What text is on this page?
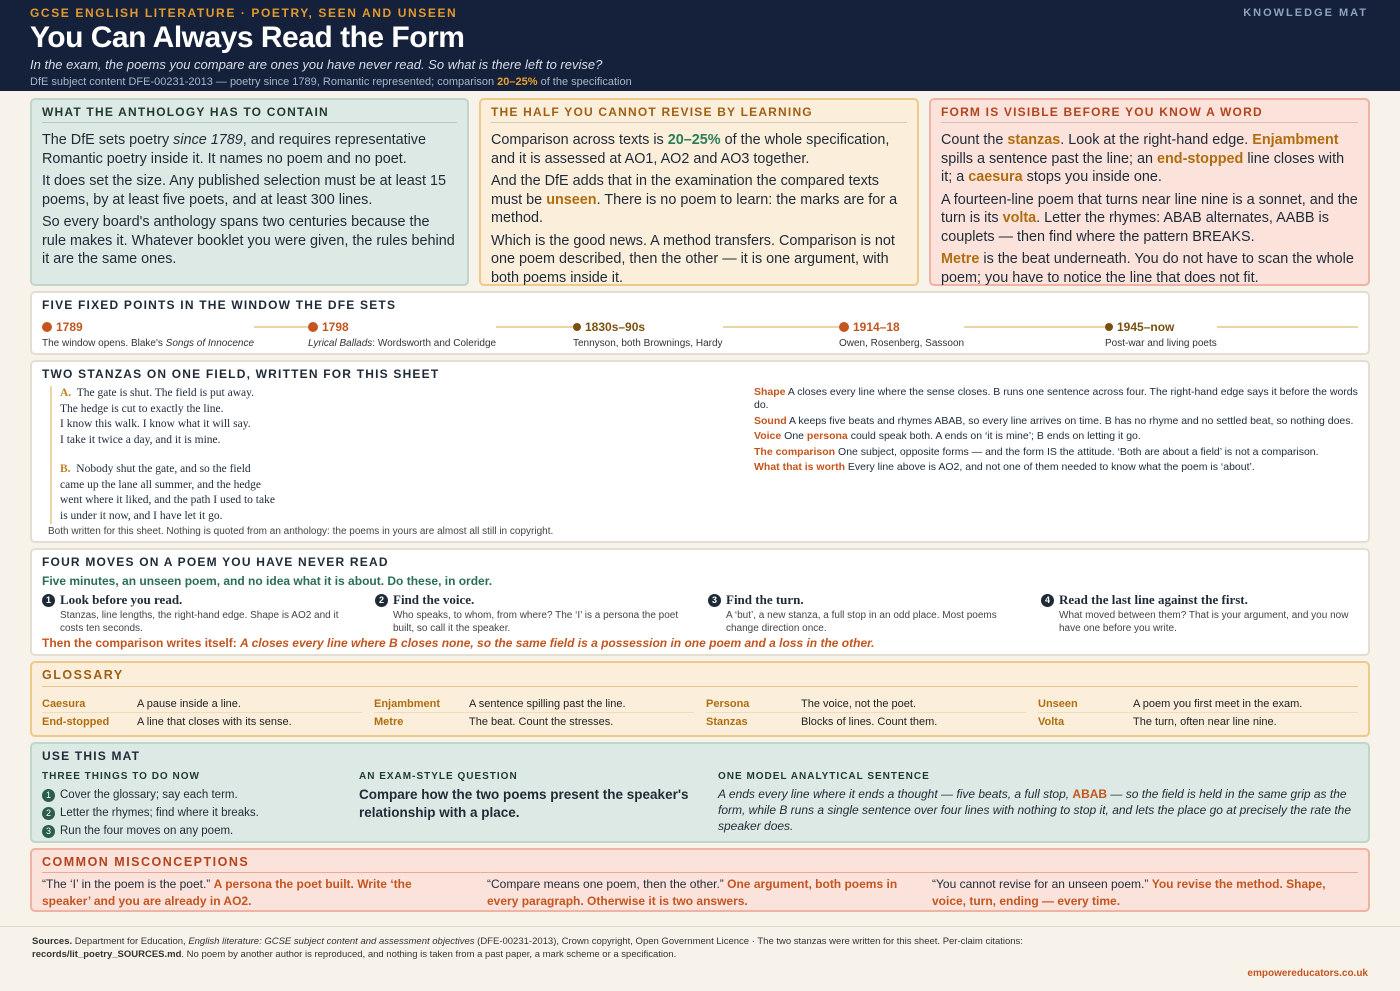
GCSE ENGLISH LITERATURE · POETRY, SEEN AND UNSEEN	KNOWLEDGE MAT
You Can Always Read the Form
In the exam, the poems you compare are ones you have never read. So what is there left to revise?
DfE subject content DFE-00231-2013 — poetry since 1789, Romantic represented; comparison 20–25% of the specification
WHAT THE ANTHOLOGY HAS TO CONTAIN

The DfE sets poetry since 1789, and requires representative Romantic poetry inside it. It names no poem and no poet.

It does set the size. Any published selection must be at least 15 poems, by at least five poets, and at least 300 lines.

So every board's anthology spans two centuries because the rule makes it. Whatever booklet you were given, the rules behind it are the same ones.

THE HALF YOU CANNOT REVISE BY LEARNING

Comparison across texts is 20–25% of the whole specification, and it is assessed at AO1, AO2 and AO3 together.

And the DfE adds that in the examination the compared texts must be unseen. There is no poem to learn: the marks are for a method.

Which is the good news. A method transfers. Comparison is not one poem described, then the other — it is one argument, with both poems inside it.

FORM IS VISIBLE BEFORE YOU KNOW A WORD

Count the stanzas. Look at the right-hand edge. Enjambment spills a sentence past the line; an end-stopped line closes with it; a caesura stops you inside one.

A fourteen-line poem that turns near line nine is a sonnet, and the turn is its volta. Letter the rhymes: ABAB alternates, AABB is couplets — then find where the pattern BREAKS.

Metre is the beat underneath. You do not have to scan the whole poem; you have to notice the line that does not fit.

FIVE FIXED POINTS IN THE WINDOW THE DFE SETS
1789
The window opens. Blake's Songs of Innocence
1798
Lyrical Ballads: Wordsworth and Coleridge
1830s–90s
Tennyson, both Brownings, Hardy
1914–18
Owen, Rosenberg, Sassoon
1945–now
Post-war and living poets
TWO STANZAS ON ONE FIELD, WRITTEN FOR THIS SHEET
A. The gate is shut. The field is put away.
The hedge is cut to exactly the line.
I know this walk. I know what it will say.
I take it twice a day, and it is mine.
B. Nobody shut the gate, and so the field
came up the lane all summer, and the hedge
went where it liked, and the path I used to take
is under it now, and I have let it go.
Shape A closes every line where the sense closes. B runs one sentence across four. The right-hand edge says it before the words do.
Sound A keeps five beats and rhymes ABAB, so every line arrives on time. B has no rhyme and no settled beat, so nothing does.
Voice One persona could speak both. A ends on ‘it is mine’; B ends on letting it go.
The comparison One subject, opposite forms — and the form IS the attitude. ‘Both are about a field’ is not a comparison.
What that is worth Every line above is AO2, and not one of them needed to know what the poem is ‘about’.
Both written for this sheet. Nothing is quoted from an anthology: the poems in yours are almost all still in copyright.
FOUR MOVES ON A POEM YOU HAVE NEVER READ
Five minutes, an unseen poem, and no idea what it is about. Do these, in order.
1 Look before you read.
Stanzas, line lengths, the right-hand edge. Shape is AO2 and it costs ten seconds.
2 Find the voice.
Who speaks, to whom, from where? The ‘I’ is a persona the poet built, so call it the speaker.
3 Find the turn.
A ‘but’, a new stanza, a full stop in an odd place. Most poems change direction once.
4 Read the last line against the first.
What moved between them? That is your argument, and you now have one before you write.
Then the comparison writes itself: A closes every line where B closes none, so the same field is a possession in one poem and a loss in the other.
GLOSSARY
Caesura	A pause inside a line.
End-stopped	A line that closes with its sense.
Enjambment	A sentence spilling past the line.
Metre	The beat. Count the stresses.
Persona	The voice, not the poet.
Stanzas	Blocks of lines. Count them.
Unseen	A poem you first meet in the exam.
Volta	The turn, often near line nine.
USE THIS MAT
THREE THINGS TO DO NOW
1 Cover the glossary; say each term.
2 Letter the rhymes; find where it breaks.
3 Run the four moves on any poem.
AN EXAM-STYLE QUESTION
Compare how the two poems present the speaker's relationship with a place.
ONE MODEL ANALYTICAL SENTENCE
A ends every line where it ends a thought — five beats, a full stop, ABAB — so the field is held in the same grip as the form, while B runs a single sentence over four lines with nothing to stop it, and lets the place go at precisely the rate the speaker does.
COMMON MISCONCEPTIONS
“The ‘I’ in the poem is the poet.” A persona the poet built. Write ‘the speaker’ and you are already in AO2.
“Compare means one poem, then the other.” One argument, both poems in every paragraph. Otherwise it is two answers.
“You cannot revise for an unseen poem.” You revise the method. Shape, voice, turn, ending — every time.

Sources. Department for Education, English literature: GCSE subject content and assessment objectives (DFE-00231-2013), Crown copyright, Open Government Licence · The two stanzas were written for this sheet. Per-claim citations:
records/lit_poetry_SOURCES.md. No poem by another author is reproduced, and nothing is taken from a past paper, a mark scheme or a specification.

empowereducators.co.uk
